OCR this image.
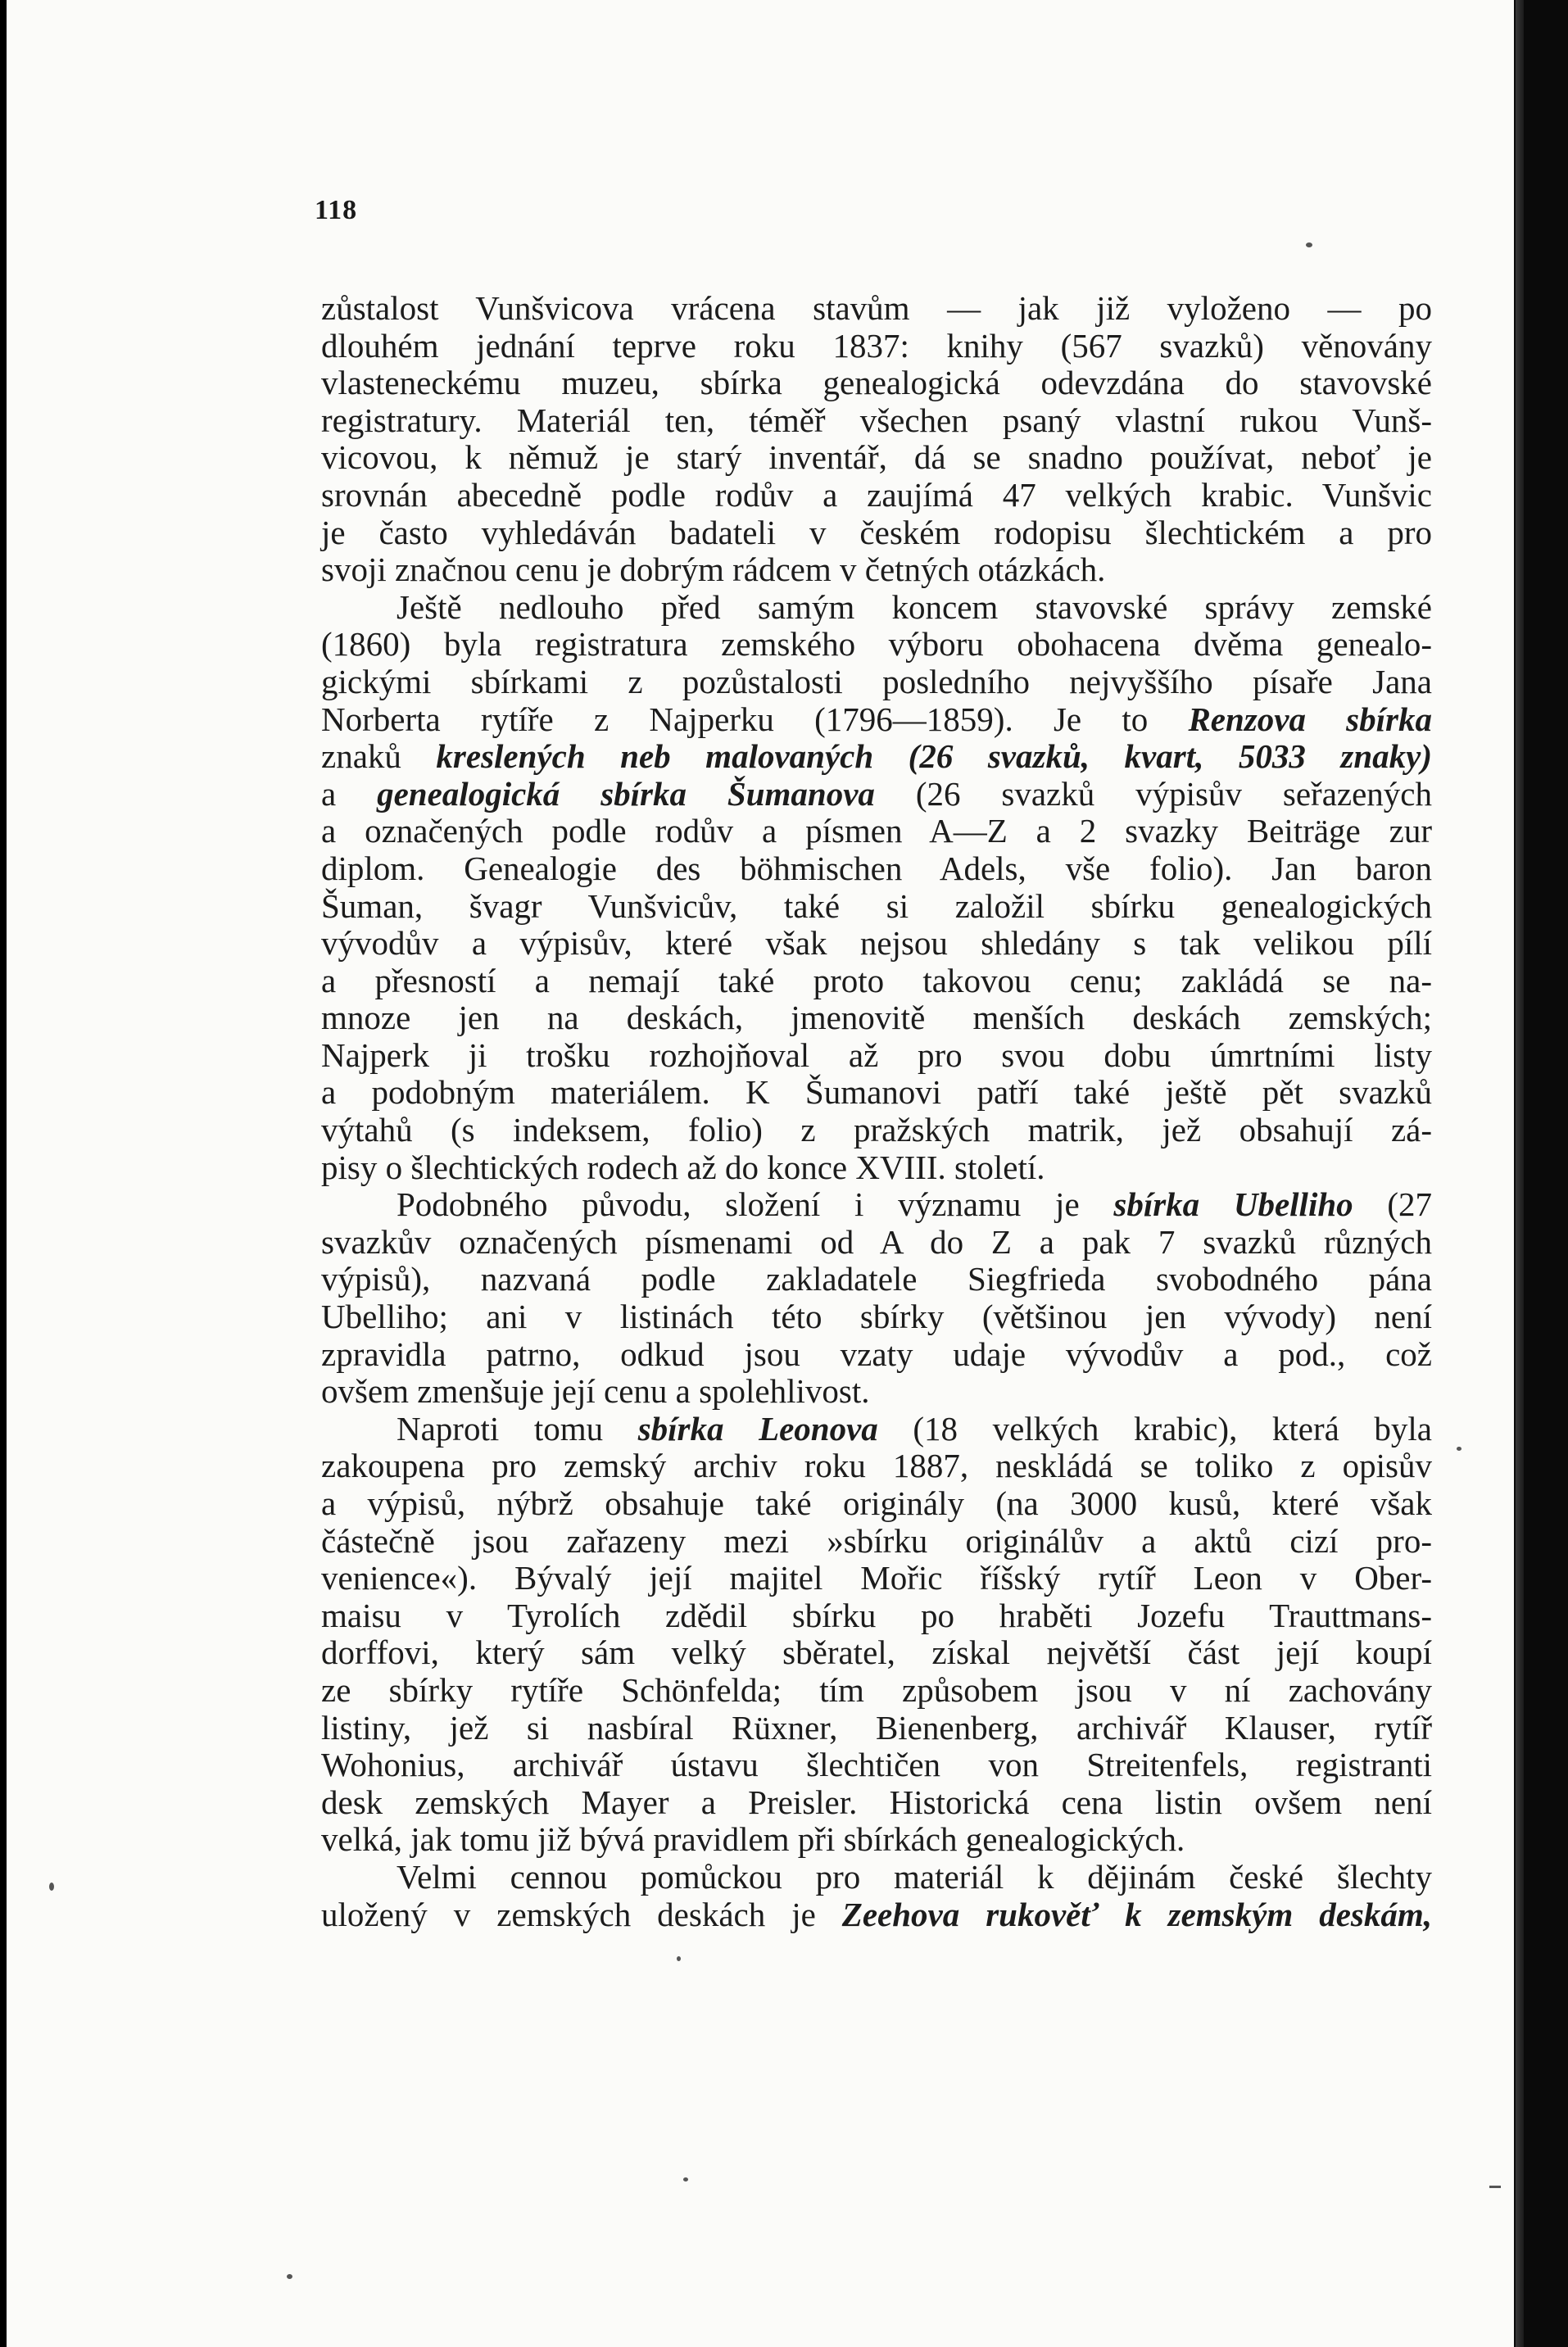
118

zůstalost Vunšvicova vrácena stavům — jak již vyloženo — po

dlouhém jednání teprve roku 1837: knihy (567 svazků) věnovány

vlasteneckému muzeu, sbírka genealogická odevzdána do stavovské

registratury. Materiál ten, téměř všechen psaný vlastní rukou Vunš-

vicovou, k němuž je starý inventář, dá se snadno používat, neboť je

srovnán abecedně podle rodův a zaujímá 47 velkých krabic. Vunšvic

je často vyhledáván badateli v českém rodopisu šlechtickém a pro

svoji značnou cenu je dobrým rádcem v četných otázkách.

Ještě nedlouho před samým koncem stavovské správy zemské

(1860) byla registratura zemského výboru obohacena dvěma genealo-

gickými sbírkami z pozůstalosti posledního nejvyššího písaře Jana

Norberta rytíře z Najperku (1796—1859). Je to Renzova sbírka

znaků kreslených neb malovaných (26 svazků, kvart, 5033 znaky)

a genealogická sbírka Šumanova (26 svazků výpisův seřazených

a označených podle rodův a písmen A—Z a 2 svazky Beiträge zur

diplom. Genealogie des böhmischen Adels, vše folio). Jan baron

Šuman, švagr Vunšvicův, také si založil sbírku genealogických

vývodův a výpisův, které však nejsou shledány s tak velikou pílí

a přesností a nemají také proto takovou cenu; zakládá se na-

mnoze jen na deskách, jmenovitě menších deskách zemských;

Najperk ji trošku rozhojňoval až pro svou dobu úmrtními listy

a podobným materiálem. K Šumanovi patří také ještě pět svazků

výtahů (s indeksem, folio) z pražských matrik, jež obsahují zá-

pisy o šlechtických rodech až do konce XVIII. století.

Podobného původu, složení i významu je sbírka Ubelliho (27

svazkův označených písmenami od A do Z a pak 7 svazků různých

výpisů), nazvaná podle zakladatele Siegfrieda svobodného pána

Ubelliho; ani v listinách této sbírky (většinou jen vývody) není

zpravidla patrno, odkud jsou vzaty udaje vývodův a pod., což

ovšem zmenšuje její cenu a spolehlivost.

Naproti tomu sbírka Leonova (18 velkých krabic), která byla

zakoupena pro zemský archiv roku 1887, neskládá se toliko z opisův

a výpisů, nýbrž obsahuje také originály (na 3000 kusů, které však

částečně jsou zařazeny mezi »sbírku originálův a aktů cizí pro-

venience«). Bývalý její majitel Mořic říšský rytíř Leon v Ober-

maisu v Tyrolích zdědil sbírku po hraběti Jozefu Trauttmans-

dorffovi, který sám velký sběratel, získal největší část její koupí

ze sbírky rytíře Schönfelda; tím způsobem jsou v ní zachovány

listiny, jež si nasbíral Rüxner, Bienenberg, archivář Klauser, rytíř

Wohonius, archivář ústavu šlechtičen von Streitenfels, registranti

desk zemských Mayer a Preisler. Historická cena listin ovšem není

velká, jak tomu již bývá pravidlem při sbírkách genealogických.

Velmi cennou pomůckou pro materiál k dějinám české šlechty

uložený v zemských deskách je Zeehova rukověť k zemským deskám,
